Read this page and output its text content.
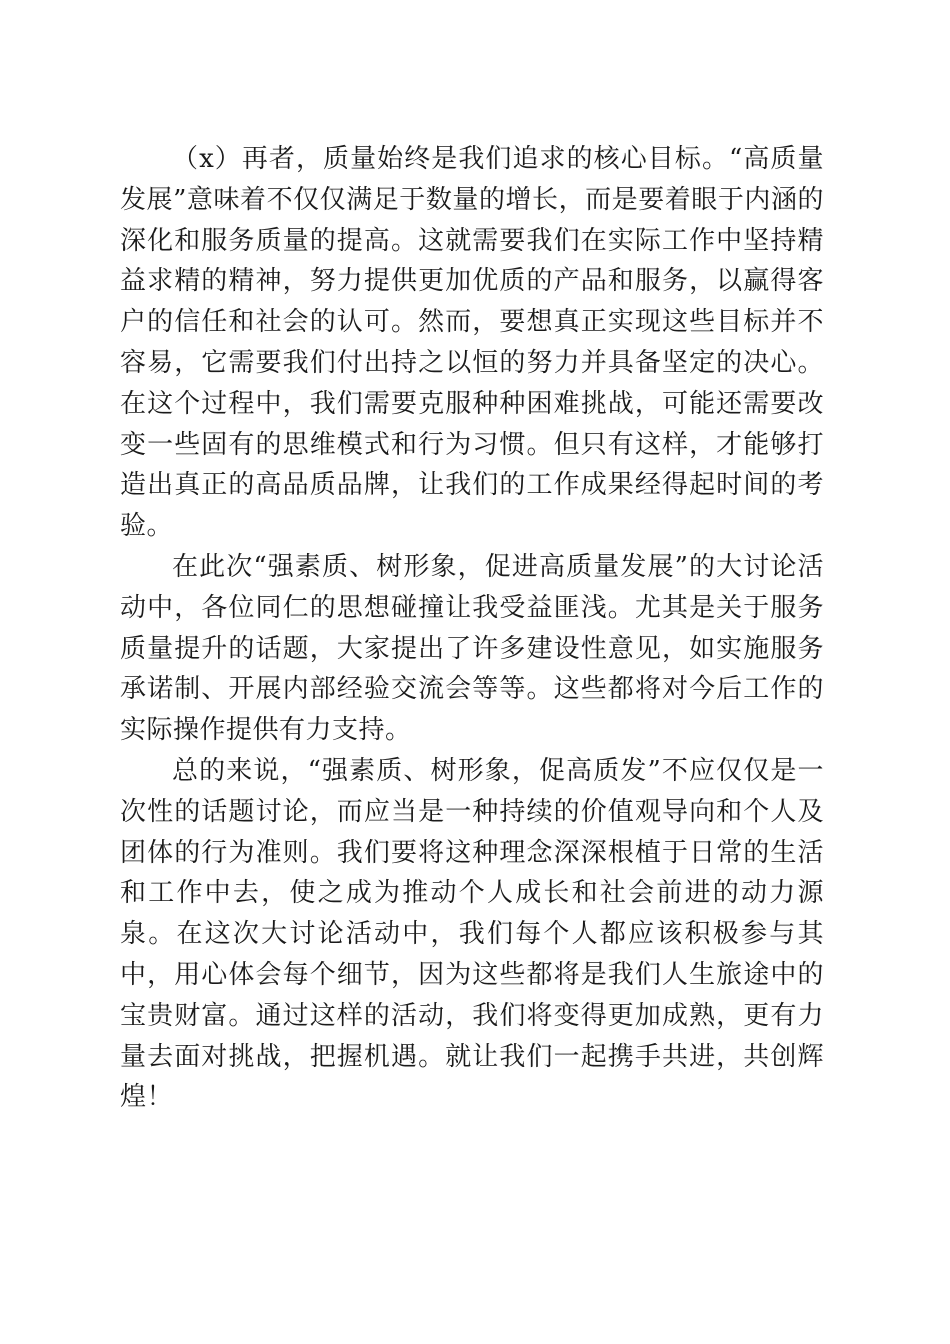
（x）再者，质量始终是我们追求的核心目标。“高质量发展”意味着不仅仅满足于数量的增长，而是要着眼于内涵的深化和服务质量的提高。这就需要我们在实际工作中坚持精益求精的精神，努力提供更加优质的产品和服务，以赢得客户的信任和社会的认可。然而，要想真正实现这些目标并不容易，它需要我们付出持之以恒的努力并具备坚定的决心。在这个过程中，我们需要克服种种困难挑战，可能还需要改变一些固有的思维模式和行为习惯。但只有这样，才能够打造出真正的高品质品牌，让我们的工作成果经得起时间的考验。

在此次“强素质、树形象，促进高质量发展”的大讨论活动中，各位同仁的思想碰撞让我受益匪浅。尤其是关于服务质量提升的话题，大家提出了许多建设性意见，如实施服务承诺制、开展内部经验交流会等等。这些都将对今后工作的实际操作提供有力支持。

总的来说，“强素质、树形象，促高质发”不应仅仅是一次性的话题讨论，而应当是一种持续的价值观导向和个人及团体的行为准则。我们要将这种理念深深根植于日常的生活和工作中去，使之成为推动个人成长和社会前进的动力源泉。在这次大讨论活动中，我们每个人都应该积极参与其中，用心体会每个细节，因为这些都将是我们人生旅途中的宝贵财富。通过这样的活动，我们将变得更加成熟，更有力量去面对挑战，把握机遇。就让我们一起携手共进，共创辉煌！
